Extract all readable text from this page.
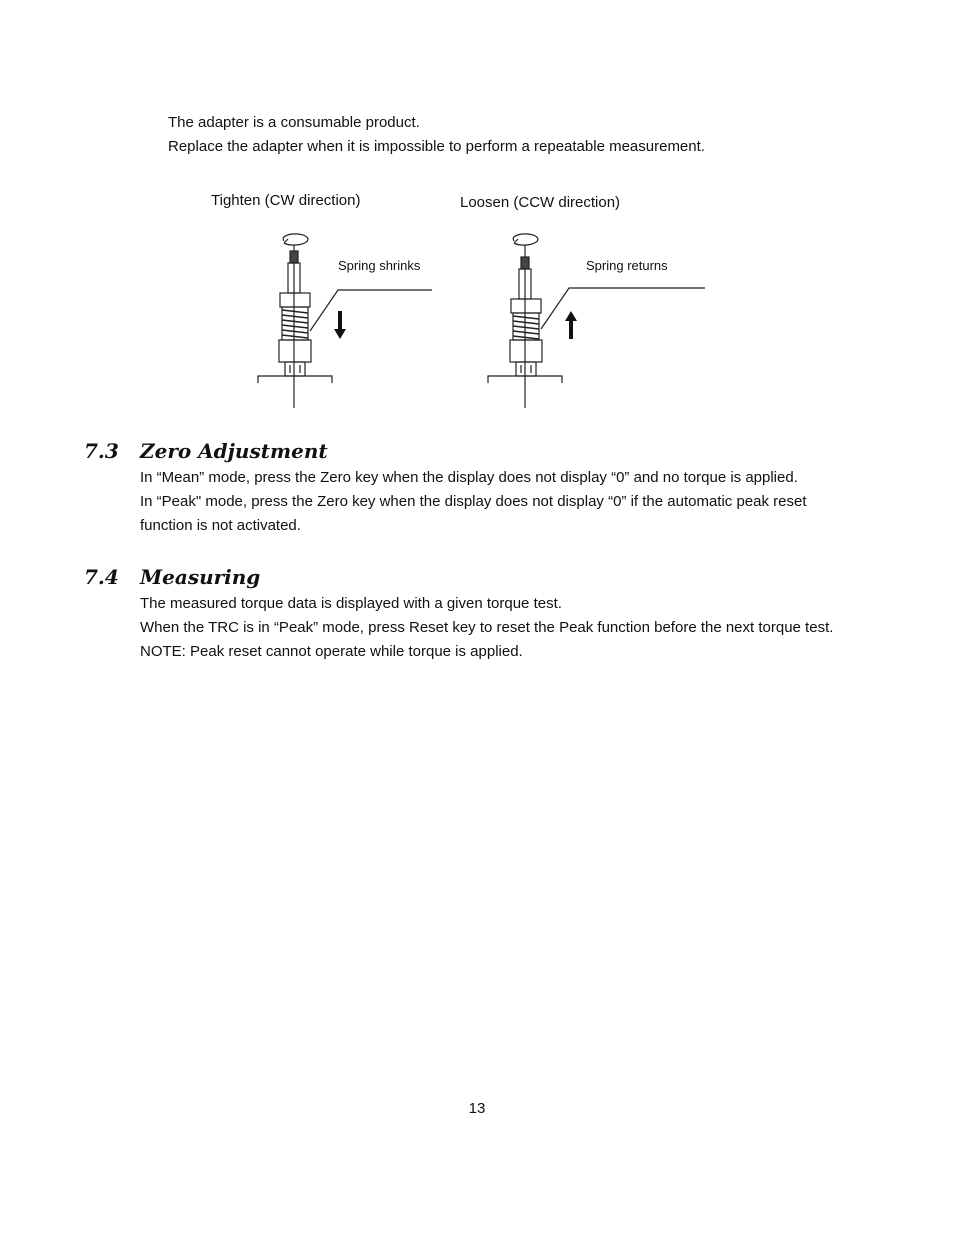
The adapter is a consumable product.
Replace the adapter when it is impossible to perform a repeatable measurement.
Tighten (CW direction)	Loosen (CCW direction)
Spring shrinks	Spring returns
7.3 Zero Adjustment
In “Mean” mode, press the Zero key when the display does not display “0” and no torque is applied.
In “Peak" mode, press the Zero key when the display does not display “0” if the automatic peak reset
function is not activated.
7.4 Measuring
The measured torque data is displayed with a given torque test.
When the TRC is in “Peak” mode, press Reset key to reset the Peak function before the next torque test.
NOTE: Peak reset cannot operate while torque is applied.
13
